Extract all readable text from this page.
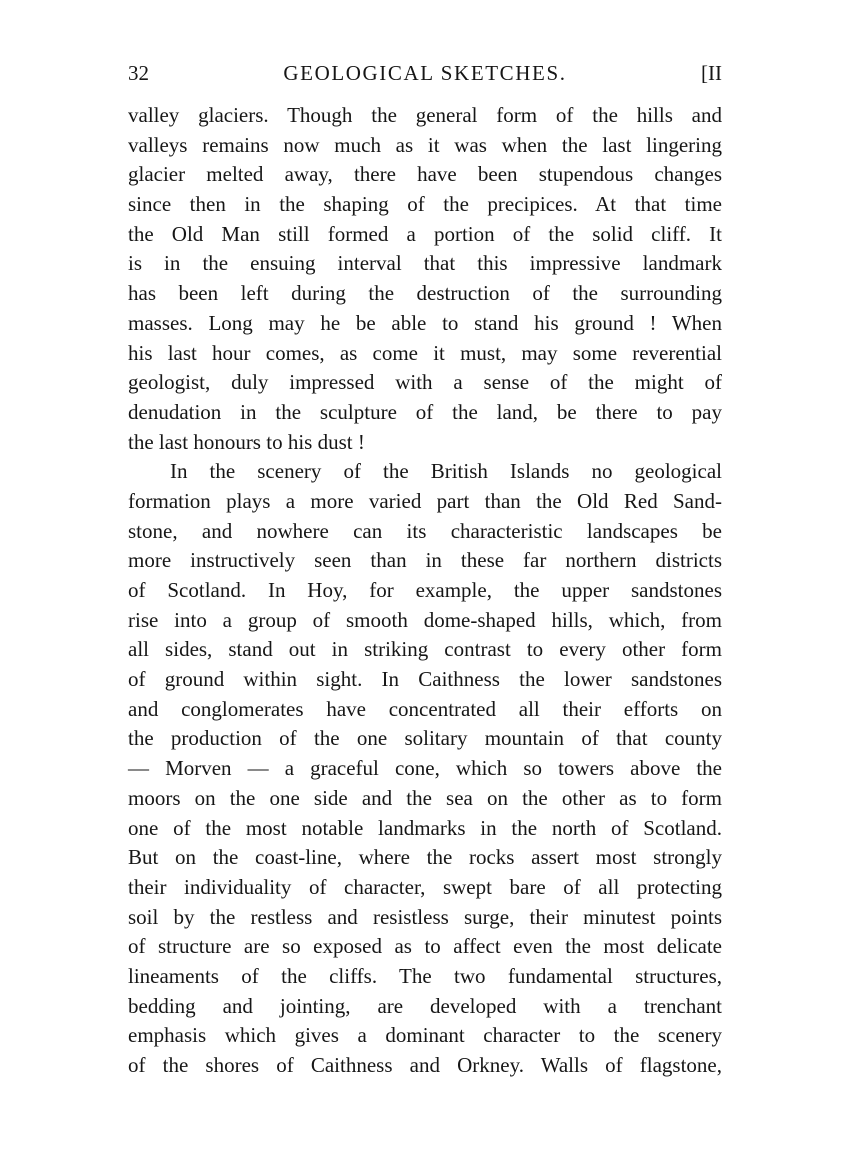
32	GEOLOGICAL SKETCHES.	[II
valley glaciers. Though the general form of the hills and
valleys remains now much as it was when the last lingering
glacier melted away, there have been stupendous changes
since then in the shaping of the precipices. At that time
the Old Man still formed a portion of the solid cliff. It
is in the ensuing interval that this impressive landmark
has been left during the destruction of the surrounding
masses. Long may he be able to stand his ground ! When
his last hour comes, as come it must, may some reverential
geologist, duly impressed with a sense of the might of
denudation in the sculpture of the land, be there to pay
the last honours to his dust !
In the scenery of the British Islands no geological
formation plays a more varied part than the Old Red Sand-
stone, and nowhere can its characteristic landscapes be
more instructively seen than in these far northern districts
of Scotland. In Hoy, for example, the upper sandstones
rise into a group of smooth dome-shaped hills, which, from
all sides, stand out in striking contrast to every other form
of ground within sight. In Caithness the lower sandstones
and conglomerates have concentrated all their efforts on
the production of the one solitary mountain of that county
— Morven — a graceful cone, which so towers above the
moors on the one side and the sea on the other as to form
one of the most notable landmarks in the north of Scotland.
But on the coast-line, where the rocks assert most strongly
their individuality of character, swept bare of all protecting
soil by the restless and resistless surge, their minutest points
of structure are so exposed as to affect even the most delicate
lineaments of the cliffs. The two fundamental structures,
bedding and jointing, are developed with a trenchant
emphasis which gives a dominant character to the scenery
of the shores of Caithness and Orkney. Walls of flagstone,
